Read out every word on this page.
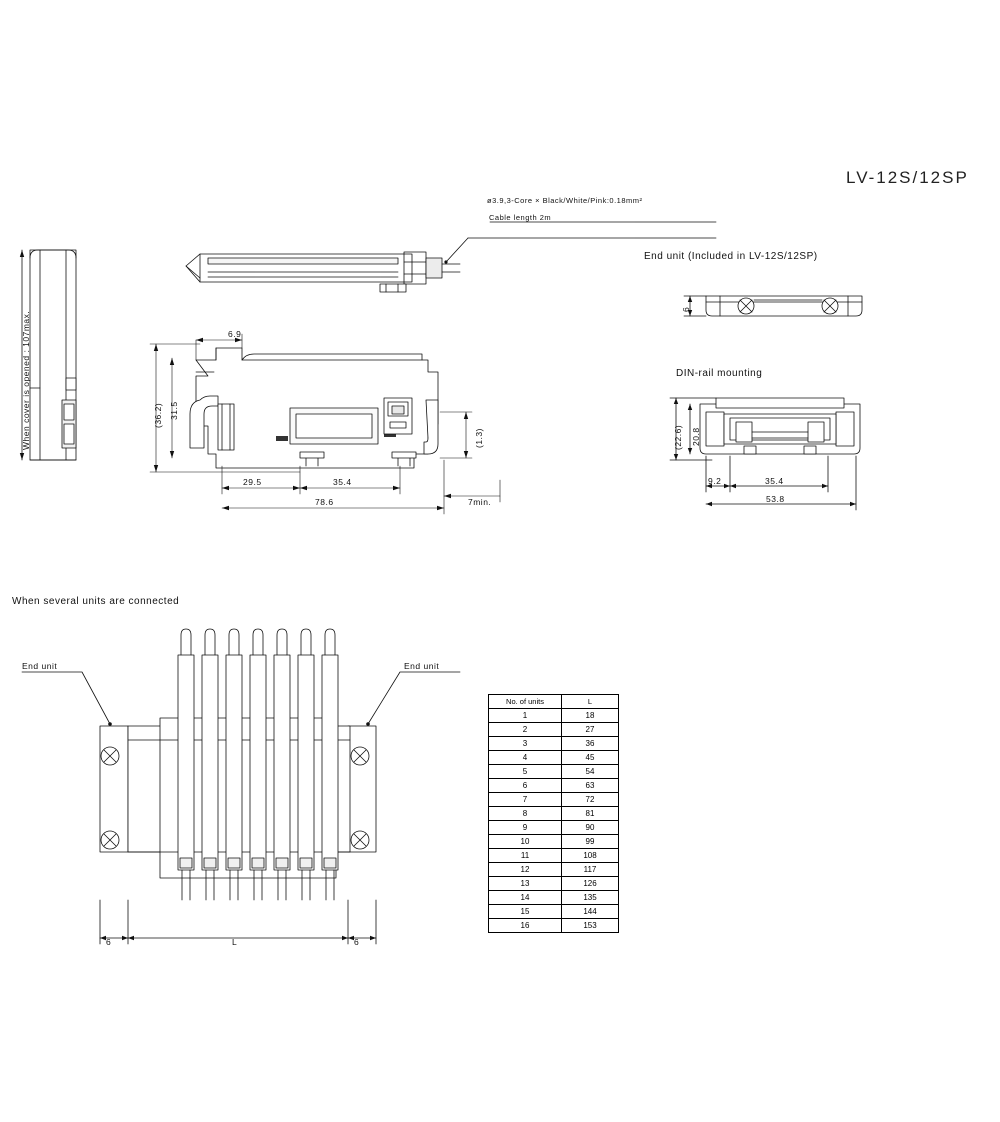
LV-12S/12SP
ø3.9,3-Core × Black/White/Pink:0.18mm²
Cable length 2m
End unit (Included in LV-12S/12SP)
DIN-rail mounting
When cover is opened : 107max.
When several units are connected
End unit	End unit
6.9
31.5
(36.2)
29.5	35.4
78.6	7min.
(1.3)
6
(22.6) 20.8
9.2	35.4
53.8
6	L	6
No. of units	L
1	18
2	27
3	36
4	45
5	54
6	63
7	72
8	81
9	90
10	99
11	108
12	117
13	126
14	135
15	144
16	153
